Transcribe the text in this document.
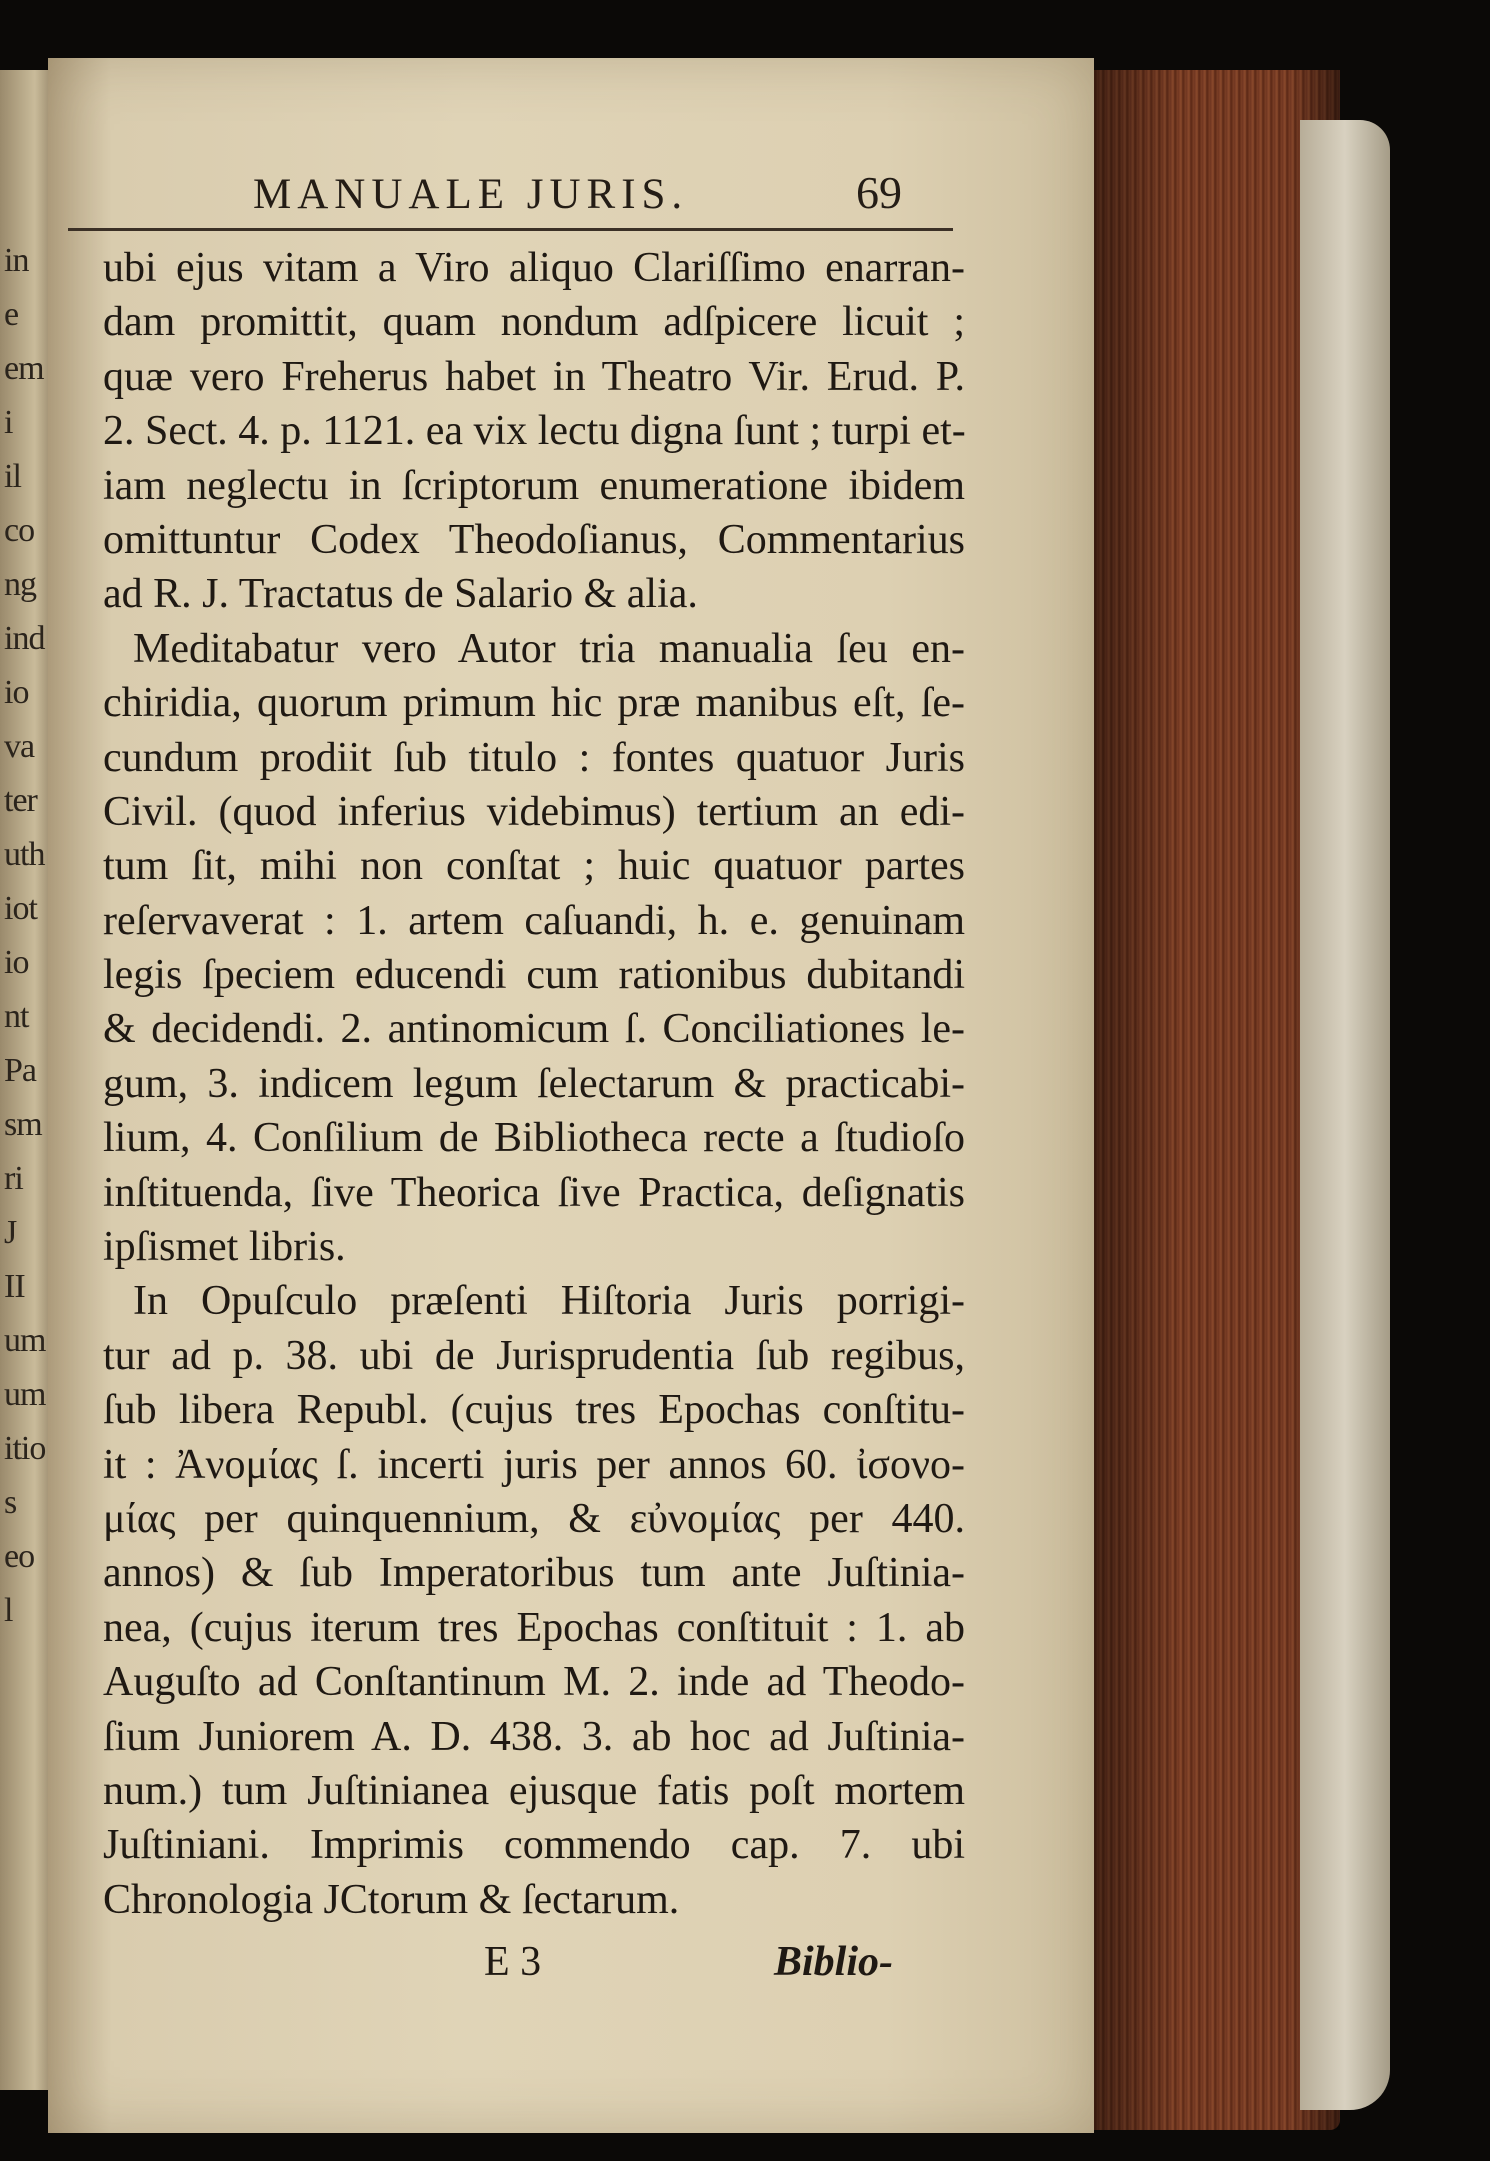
in
e
em
i
il
co
ng
ind
io
va
ter
uth
iot
io
nt
Pa
sm
ri
J
II
um
um
itio
s
eo
l
MANUALE JURIS.	69
ubi ejus vitam a Viro aliquo Clariſſimo enarran-
dam promittit, quam nondum adſpicere licuit ;
quæ vero Freherus habet in Theatro Vir. Erud. P.
2. Sect. 4. p. 1121. ea vix lectu digna ſunt ; turpi et-
iam neglectu in ſcriptorum enumeratione ibidem
omittuntur Codex Theodoſianus, Commentarius
ad R. J. Tractatus de Salario & alia.
Meditabatur vero Autor tria manualia ſeu en-
chiridia, quorum primum hic præ manibus eſt, ſe-
cundum prodiit ſub titulo : fontes quatuor Juris
Civil. (quod inferius videbimus) tertium an edi-
tum ſit, mihi non conſtat ; huic quatuor partes
reſervaverat : 1. artem caſuandi, h. e. genuinam
legis ſpeciem educendi cum rationibus dubitandi
& decidendi. 2. antinomicum ſ. Conciliationes le-
gum, 3. indicem legum ſelectarum & practicabi-
lium, 4. Conſilium de Bibliotheca recte a ſtudioſo
inſtituenda, ſive Theorica ſive Practica, deſignatis
ipſismet libris.
In Opuſculo præſenti Hiſtoria Juris porrigi-
tur ad p. 38. ubi de Jurisprudentia ſub regibus,
ſub libera Republ. (cujus tres Epochas conſtitu-
it : Ἀνομίας ſ. incerti juris per annos 60. ἰσονο-
μίας per quinquennium, & εὐνομίας per 440.
annos) & ſub Imperatoribus tum ante Juſtinia-
nea, (cujus iterum tres Epochas conſtituit : 1. ab
Auguſto ad Conſtantinum M. 2. inde ad Theodo-
ſium Juniorem A. D. 438. 3. ab hoc ad Juſtinia-
num.) tum Juſtinianea ejusque fatis poſt mortem
Juſtiniani. Imprimis commendo cap. 7. ubi
Chronologia JCtorum & ſectarum.
E 3	Biblio-
